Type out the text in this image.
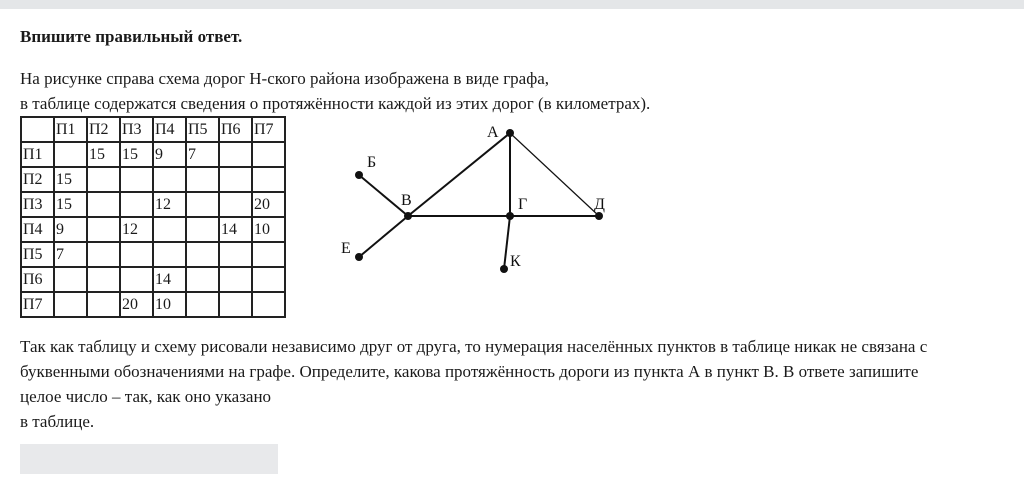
Впишите правильный ответ.

На рисунке справа схема дорог Н-ского района изображена в виде графа,
в таблице содержатся сведения о протяжённости каждой из этих дорог (в километрах).

	П1	П2	П3	П4	П5	П6	П7
П1		15	15	9	7		
П2	15						
П3	15			12			20
П4	9		12			14	10
П5	7						
П6				14			
П7			20	10			
А
Б
В	Г	Д
Е
К

Так как таблицу и схему рисовали независимо друг от друга, то нумерация населённых пунктов в таблице никак не связана с
буквенными обозначениями на графе. Определите, какова протяжённость дороги из пункта А в пункт В. В ответе запишите
целое число – так, как оно указано
в таблице.
